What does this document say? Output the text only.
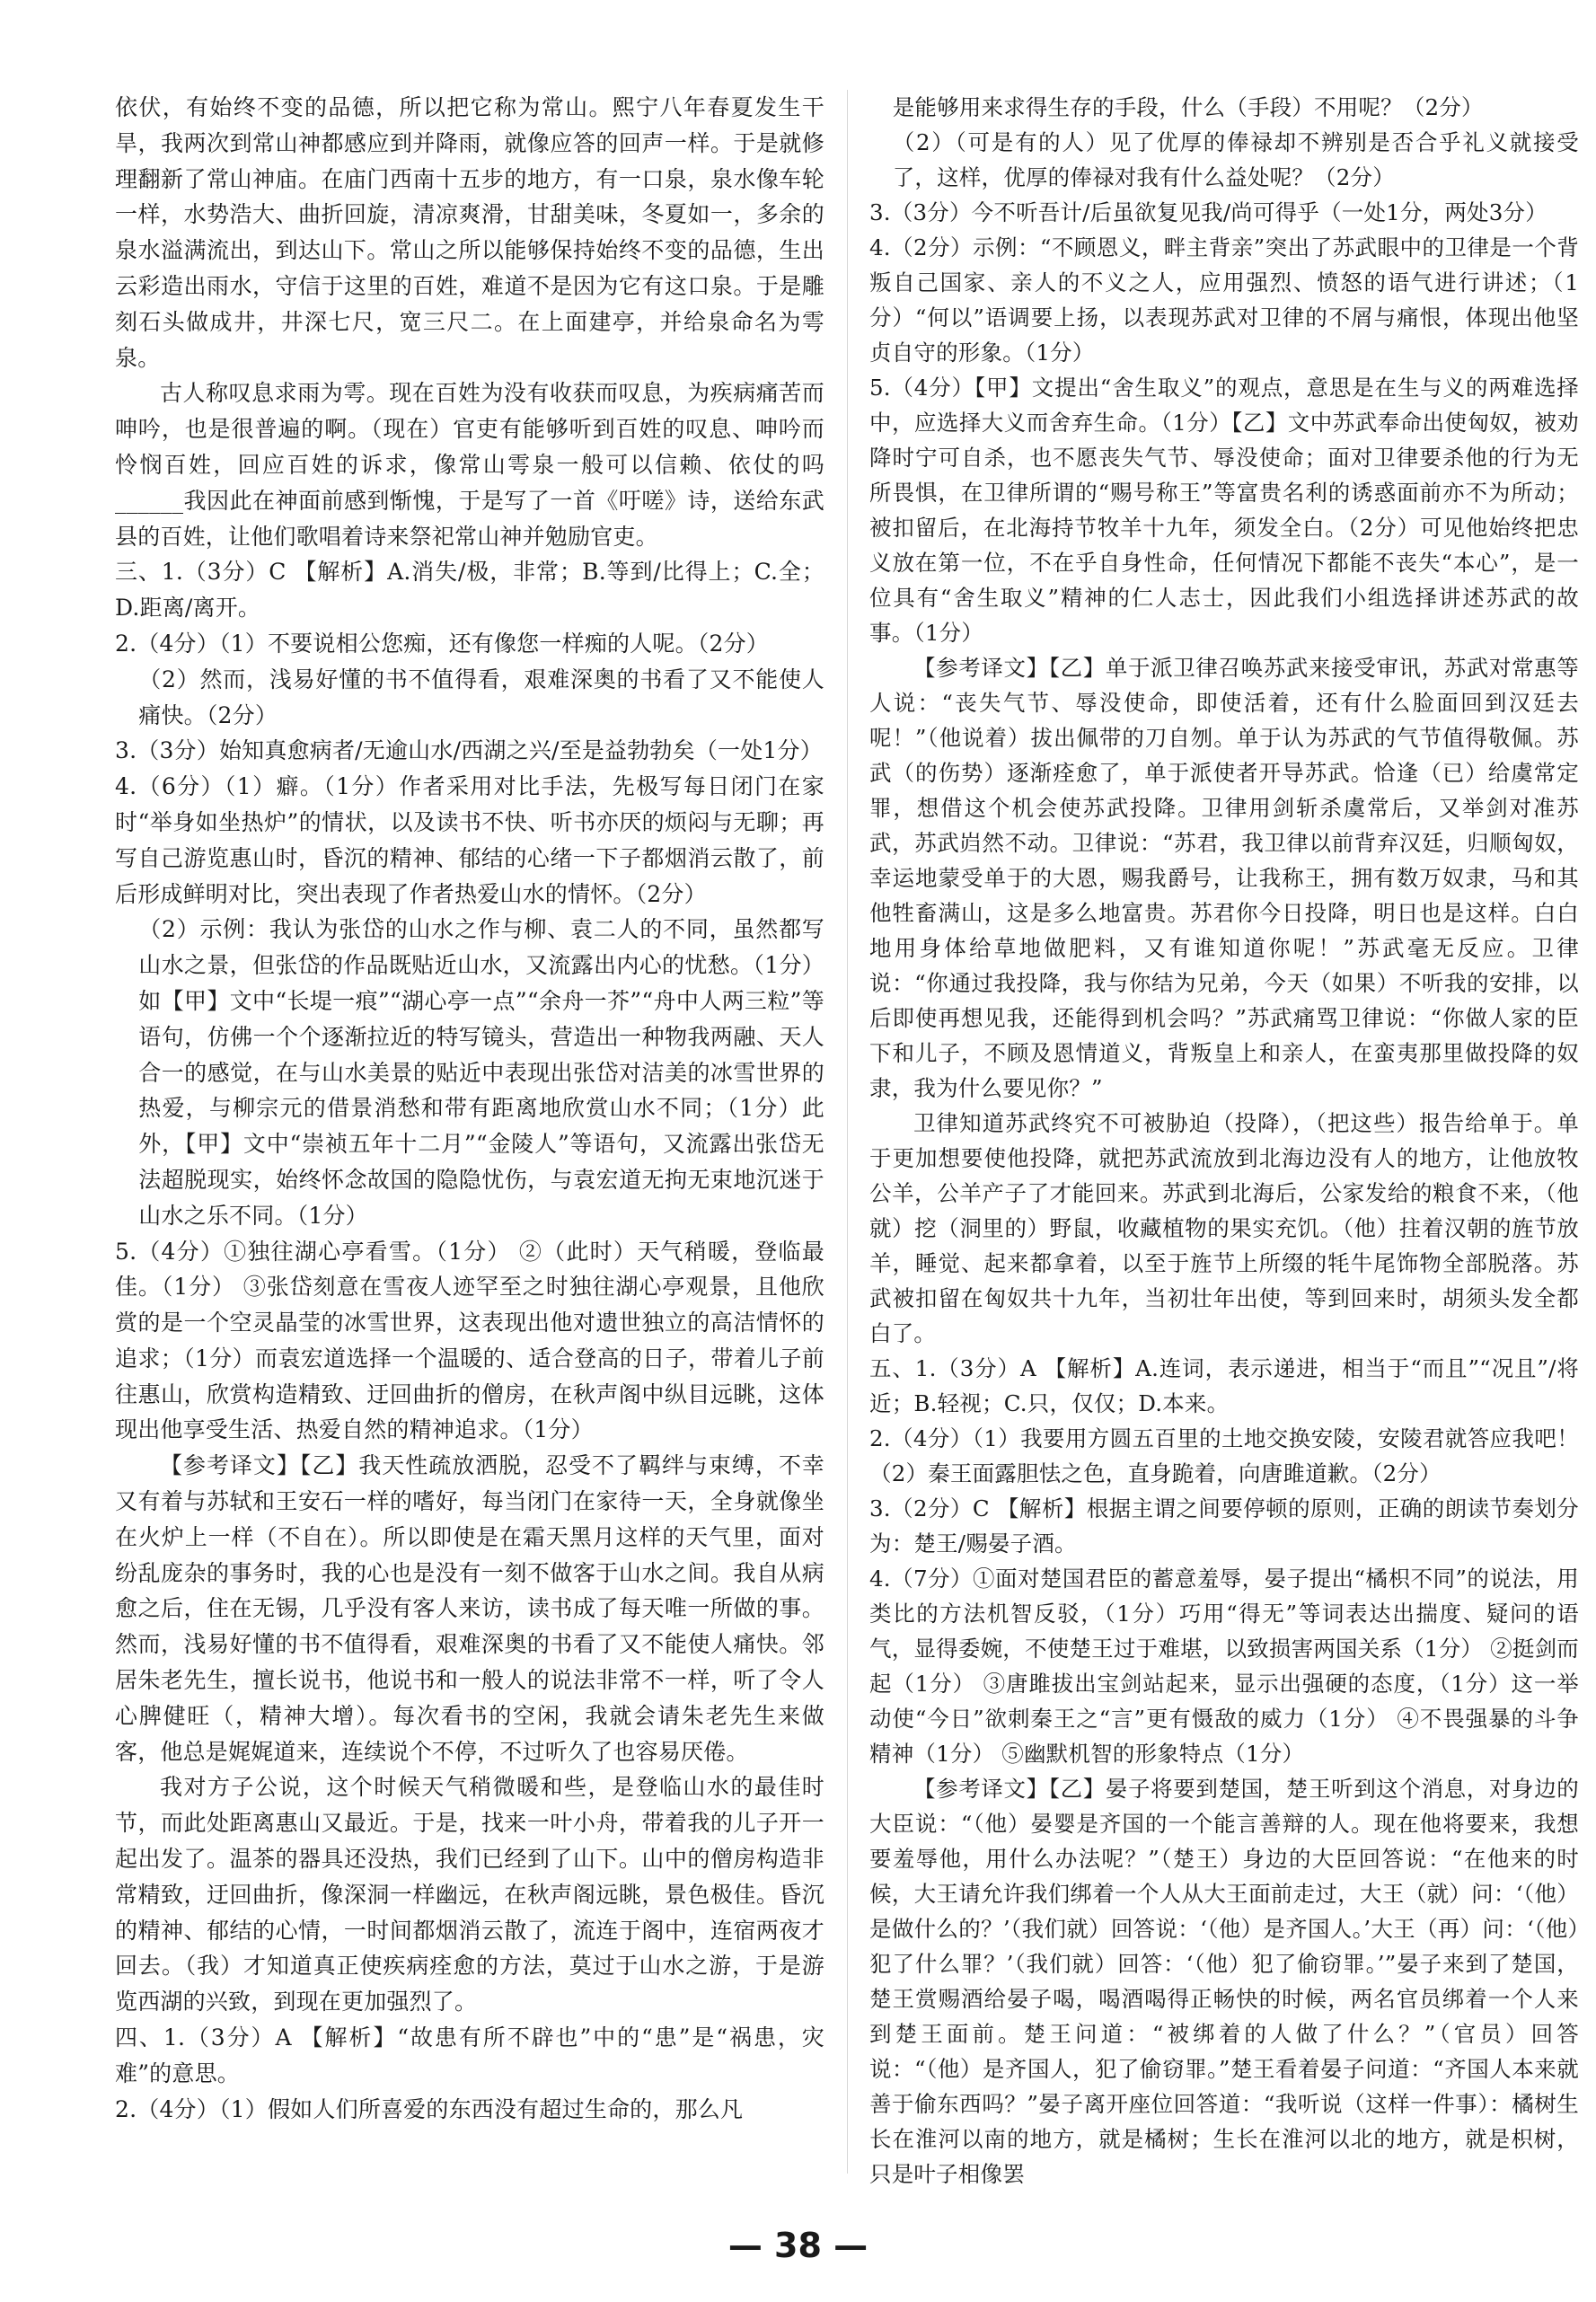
依伏，有始终不变的品德，所以把它称为常山。熙宁八年春夏发生干旱，我两次到常山神都感应到并降雨，就像应答的回声一样。于是就修理翻新了常山神庙。在庙门西南十五步的地方，有一口泉，泉水像车轮一样，水势浩大、曲折回旋，清凉爽滑，甘甜美味，冬夏如一，多余的泉水溢满流出，到达山下。常山之所以能够保持始终不变的品德，生出云彩造出雨水，守信于这里的百姓，难道不是因为它有这口泉。于是雕刻石头做成井，井深七尺，宽三尺二。在上面建亭，并给泉命名为雩泉。

古人称叹息求雨为雩。现在百姓为没有收获而叹息，为疾病痛苦而呻吟，也是很普遍的啊。（现在）官吏有能够听到百姓的叹息、呻吟而怜悯百姓，回应百姓的诉求，像常山雩泉一般可以信赖、依仗的吗______我因此在神面前感到惭愧，于是写了一首《吁嗟》诗，送给东武县的百姓，让他们歌唱着诗来祭祀常山神并勉励官吏。

三、1.（3分）C 【解析】A.消失/极，非常；B.等到/比得上；C.全；D.距离/离开。

2.（4分）（1）不要说相公您痴，还有像您一样痴的人呢。（2分）

（2）然而，浅易好懂的书不值得看，艰难深奥的书看了又不能使人痛快。（2分）

3.（3分）始知真愈病者/无逾山水/西湖之兴/至是益勃勃矣（一处1分）

4.（6分）（1）癖。（1分）作者采用对比手法，先极写每日闭门在家时“举身如坐热炉”的情状，以及读书不快、听书亦厌的烦闷与无聊；再写自己游览惠山时，昏沉的精神、郁结的心绪一下子都烟消云散了，前后形成鲜明对比，突出表现了作者热爱山水的情怀。（2分）

（2）示例：我认为张岱的山水之作与柳、袁二人的不同，虽然都写山水之景，但张岱的作品既贴近山水，又流露出内心的忧愁。（1分）如【甲】文中“长堤一痕”“湖心亭一点”“余舟一芥”“舟中人两三粒”等语句，仿佛一个个逐渐拉近的特写镜头，营造出一种物我两融、天人合一的感觉，在与山水美景的贴近中表现出张岱对洁美的冰雪世界的热爱，与柳宗元的借景消愁和带有距离地欣赏山水不同；（1分）此外，【甲】文中“崇祯五年十二月”“金陵人”等语句，又流露出张岱无法超脱现实，始终怀念故国的隐隐忧伤，与袁宏道无拘无束地沉迷于山水之乐不同。（1分）

5.（4分）①独往湖心亭看雪。（1分） ②（此时）天气稍暖，登临最佳。（1分） ③张岱刻意在雪夜人迹罕至之时独往湖心亭观景，且他欣赏的是一个空灵晶莹的冰雪世界，这表现出他对遗世独立的高洁情怀的追求；（1分）而袁宏道选择一个温暖的、适合登高的日子，带着儿子前往惠山，欣赏构造精致、迂回曲折的僧房，在秋声阁中纵目远眺，这体现出他享受生活、热爱自然的精神追求。（1分）

【参考译文】【乙】我天性疏放洒脱，忍受不了羁绊与束缚，不幸又有着与苏轼和王安石一样的嗜好，每当闭门在家待一天，全身就像坐在火炉上一样（不自在）。所以即使是在霜天黑月这样的天气里，面对纷乱庞杂的事务时，我的心也是没有一刻不做客于山水之间。我自从病愈之后，住在无锡，几乎没有客人来访，读书成了每天唯一所做的事。然而，浅易好懂的书不值得看，艰难深奥的书看了又不能使人痛快。邻居朱老先生，擅长说书，他说书和一般人的说法非常不一样，听了令人心脾健旺（，精神大增）。每次看书的空闲，我就会请朱老先生来做客，他总是娓娓道来，连续说个不停，不过听久了也容易厌倦。

我对方子公说，这个时候天气稍微暖和些，是登临山水的最佳时节，而此处距离惠山又最近。于是，找来一叶小舟，带着我的儿子开一起出发了。温茶的器具还没热，我们已经到了山下。山中的僧房构造非常精致，迂回曲折，像深洞一样幽远，在秋声阁远眺，景色极佳。昏沉的精神、郁结的心情，一时间都烟消云散了，流连于阁中，连宿两夜才回去。（我）才知道真正使疾病痊愈的方法，莫过于山水之游，于是游览西湖的兴致，到现在更加强烈了。

四、1.（3分）A 【解析】“故患有所不辟也”中的“患”是“祸患，灾难”的意思。

2.（4分）（1）假如人们所喜爱的东西没有超过生命的，那么凡

是能够用来求得生存的手段，什么（手段）不用呢？（2分）

（2）（可是有的人）见了优厚的俸禄却不辨别是否合乎礼义就接受了，这样，优厚的俸禄对我有什么益处呢？（2分）

3.（3分）今不听吾计/后虽欲复见我/尚可得乎（一处1分，两处3分）

4.（2分）示例：“不顾恩义，畔主背亲”突出了苏武眼中的卫律是一个背叛自己国家、亲人的不义之人，应用强烈、愤怒的语气进行讲述；（1分）“何以”语调要上扬，以表现苏武对卫律的不屑与痛恨，体现出他坚贞自守的形象。（1分）

5.（4分）【甲】文提出“舍生取义”的观点，意思是在生与义的两难选择中，应选择大义而舍弃生命。（1分）【乙】文中苏武奉命出使匈奴，被劝降时宁可自杀，也不愿丧失气节、辱没使命；面对卫律要杀他的行为无所畏惧，在卫律所谓的“赐号称王”等富贵名利的诱惑面前亦不为所动；被扣留后，在北海持节牧羊十九年，须发全白。（2分）可见他始终把忠义放在第一位，不在乎自身性命，任何情况下都能不丧失“本心”，是一位具有“舍生取义”精神的仁人志士，因此我们小组选择讲述苏武的故事。（1分）

【参考译文】【乙】单于派卫律召唤苏武来接受审讯，苏武对常惠等人说：“丧失气节、辱没使命，即使活着，还有什么脸面回到汉廷去呢！”（他说着）拔出佩带的刀自刎。单于认为苏武的气节值得敬佩。苏武（的伤势）逐渐痊愈了，单于派使者开导苏武。恰逢（已）给虞常定罪，想借这个机会使苏武投降。卫律用剑斩杀虞常后，又举剑对准苏武，苏武岿然不动。卫律说：“苏君，我卫律以前背弃汉廷，归顺匈奴，幸运地蒙受单于的大恩，赐我爵号，让我称王，拥有数万奴隶，马和其他牲畜满山，这是多么地富贵。苏君你今日投降，明日也是这样。白白地用身体给草地做肥料，又有谁知道你呢！”苏武毫无反应。卫律说：“你通过我投降，我与你结为兄弟，今天（如果）不听我的安排，以后即使再想见我，还能得到机会吗？”苏武痛骂卫律说：“你做人家的臣下和儿子，不顾及恩情道义，背叛皇上和亲人，在蛮夷那里做投降的奴隶，我为什么要见你？”

卫律知道苏武终究不可被胁迫（投降），（把这些）报告给单于。单于更加想要使他投降，就把苏武流放到北海边没有人的地方，让他放牧公羊，公羊产子了才能回来。苏武到北海后，公家发给的粮食不来，（他就）挖（洞里的）野鼠，收藏植物的果实充饥。（他）拄着汉朝的旌节放羊，睡觉、起来都拿着，以至于旌节上所缀的牦牛尾饰物全部脱落。苏武被扣留在匈奴共十九年，当初壮年出使，等到回来时，胡须头发全都白了。

五、1.（3分）A 【解析】A.连词，表示递进，相当于“而且”“况且”/将近；B.轻视；C.只，仅仅；D.本来。

2.（4分）（1）我要用方圆五百里的土地交换安陵，安陵君就答应我吧！（2）秦王面露胆怯之色，直身跪着，向唐雎道歉。（2分）

3.（2分）C 【解析】根据主谓之间要停顿的原则，正确的朗读节奏划分为：楚王/赐晏子酒。

4.（7分）①面对楚国君臣的蓄意羞辱，晏子提出“橘枳不同”的说法，用类比的方法机智反驳，（1分）巧用“得无”等词表达出揣度、疑问的语气，显得委婉，不使楚王过于难堪，以致损害两国关系（1分） ②挺剑而起（1分） ③唐雎拔出宝剑站起来，显示出强硬的态度，（1分）这一举动使“今日”欲刺秦王之“言”更有慑敌的威力（1分） ④不畏强暴的斗争精神（1分） ⑤幽默机智的形象特点（1分）

【参考译文】【乙】晏子将要到楚国，楚王听到这个消息，对身边的大臣说：“（他）晏婴是齐国的一个能言善辩的人。现在他将要来，我想要羞辱他，用什么办法呢？”（楚王）身边的大臣回答说：“在他来的时候，大王请允许我们绑着一个人从大王面前走过，大王（就）问：‘（他）是做什么的？’（我们就）回答说：‘（他）是齐国人。’大王（再）问：‘（他）犯了什么罪？’（我们就）回答：‘（他）犯了偷窃罪。’”晏子来到了楚国，楚王赏赐酒给晏子喝，喝酒喝得正畅快的时候，两名官员绑着一个人来到楚王面前。楚王问道：“被绑着的人做了什么？”（官员）回答说：“（他）是齐国人，犯了偷窃罪。”楚王看着晏子问道：“齐国人本来就善于偷东西吗？”晏子离开座位回答道：“我听说（这样一件事）：橘树生长在淮河以南的地方，就是橘树；生长在淮河以北的地方，就是枳树，只是叶子相像罢

— 38 —
